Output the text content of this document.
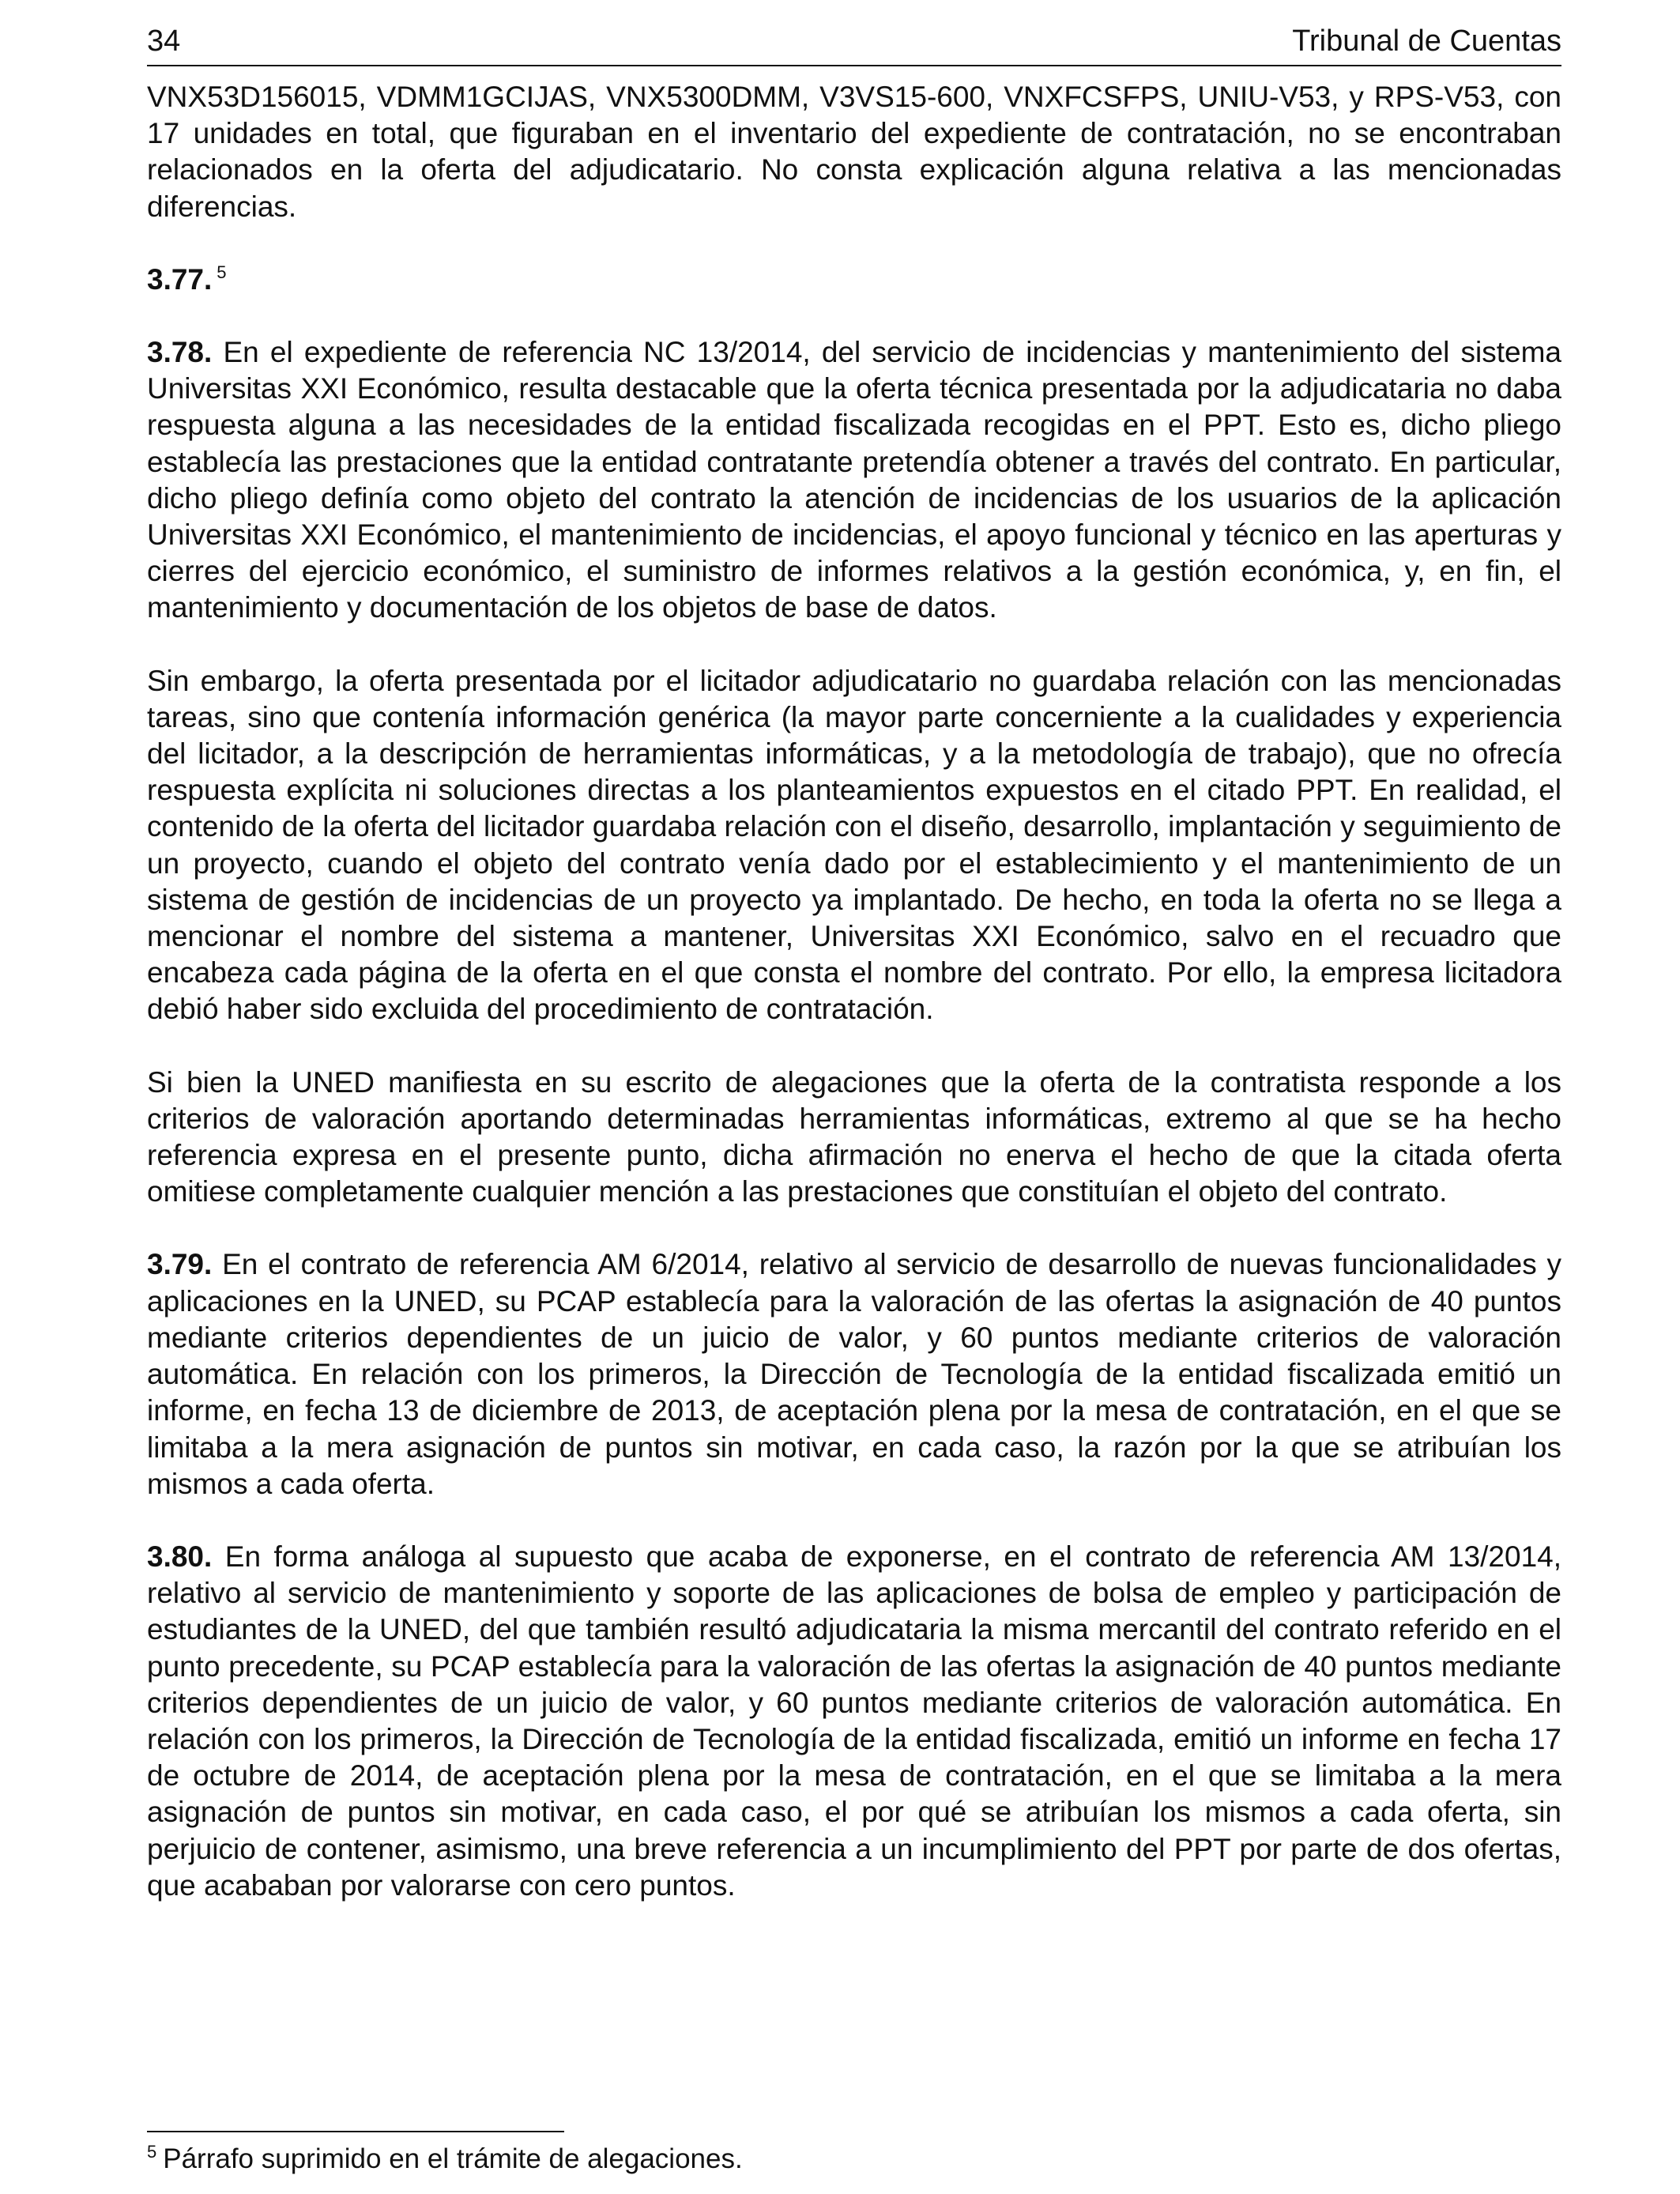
34	Tribunal de Cuentas

VNX53D156015, VDMM1GCIJAS, VNX5300DMM, V3VS15-600, VNXFCSFPS, UNIU-V53, y RPS-V53, con 17 unidades en total, que figuraban en el inventario del expediente de contratación, no se encontraban relacionados en la oferta del adjudicatario. No consta explicación alguna relativa a las mencionadas diferencias.

3.77. $^5$

3.78. En el expediente de referencia NC 13/2014, del servicio de incidencias y mantenimiento del sistema Universitas XXI Económico, resulta destacable que la oferta técnica presentada por la adjudicataria no daba respuesta alguna a las necesidades de la entidad fiscalizada recogidas en el PPT. Esto es, dicho pliego establecía las prestaciones que la entidad contratante pretendía obtener a través del contrato. En particular, dicho pliego definía como objeto del contrato la atención de incidencias de los usuarios de la aplicación Universitas XXI Económico, el mantenimiento de incidencias, el apoyo funcional y técnico en las aperturas y cierres del ejercicio económico, el suministro de informes relativos a la gestión económica, y, en fin, el mantenimiento y documentación de los objetos de base de datos.

Sin embargo, la oferta presentada por el licitador adjudicatario no guardaba relación con las mencionadas tareas, sino que contenía información genérica (la mayor parte concerniente a la cualidades y experiencia del licitador, a la descripción de herramientas informáticas, y a la metodología de trabajo), que no ofrecía respuesta explícita ni soluciones directas a los planteamientos expuestos en el citado PPT. En realidad, el contenido de la oferta del licitador guardaba relación con el diseño, desarrollo, implantación y seguimiento de un proyecto, cuando el objeto del contrato venía dado por el establecimiento y el mantenimiento de un sistema de gestión de incidencias de un proyecto ya implantado. De hecho, en toda la oferta no se llega a mencionar el nombre del sistema a mantener, Universitas XXI Económico, salvo en el recuadro que encabeza cada página de la oferta en el que consta el nombre del contrato. Por ello, la empresa licitadora debió haber sido excluida del procedimiento de contratación.

Si bien la UNED manifiesta en su escrito de alegaciones que la oferta de la contratista responde a los criterios de valoración aportando determinadas herramientas informáticas, extremo al que se ha hecho referencia expresa en el presente punto, dicha afirmación no enerva el hecho de que la citada oferta omitiese completamente cualquier mención a las prestaciones que constituían el objeto del contrato.

3.79. En el contrato de referencia AM 6/2014, relativo al servicio de desarrollo de nuevas funcionalidades y aplicaciones en la UNED, su PCAP establecía para la valoración de las ofertas la asignación de 40 puntos mediante criterios dependientes de un juicio de valor, y 60 puntos mediante criterios de valoración automática. En relación con los primeros, la Dirección de Tecnología de la entidad fiscalizada emitió un informe, en fecha 13 de diciembre de 2013, de aceptación plena por la mesa de contratación, en el que se limitaba a la mera asignación de puntos sin motivar, en cada caso, la razón por la que se atribuían los mismos a cada oferta.

3.80. En forma análoga al supuesto que acaba de exponerse, en el contrato de referencia AM 13/2014, relativo al servicio de mantenimiento y soporte de las aplicaciones de bolsa de empleo y participación de estudiantes de la UNED, del que también resultó adjudicataria la misma mercantil del contrato referido en el punto precedente, su PCAP establecía para la valoración de las ofertas la asignación de 40 puntos mediante criterios dependientes de un juicio de valor, y 60 puntos mediante criterios de valoración automática. En relación con los primeros, la Dirección de Tecnología de la entidad fiscalizada, emitió un informe en fecha 17 de octubre de 2014, de aceptación plena por la mesa de contratación, en el que se limitaba a la mera asignación de puntos sin motivar, en cada caso, el por qué se atribuían los mismos a cada oferta, sin perjuicio de contener, asimismo, una breve referencia a un incumplimiento del PPT por parte de dos ofertas, que acababan por valorarse con cero puntos.

$^5$ Párrafo suprimido en el trámite de alegaciones.
